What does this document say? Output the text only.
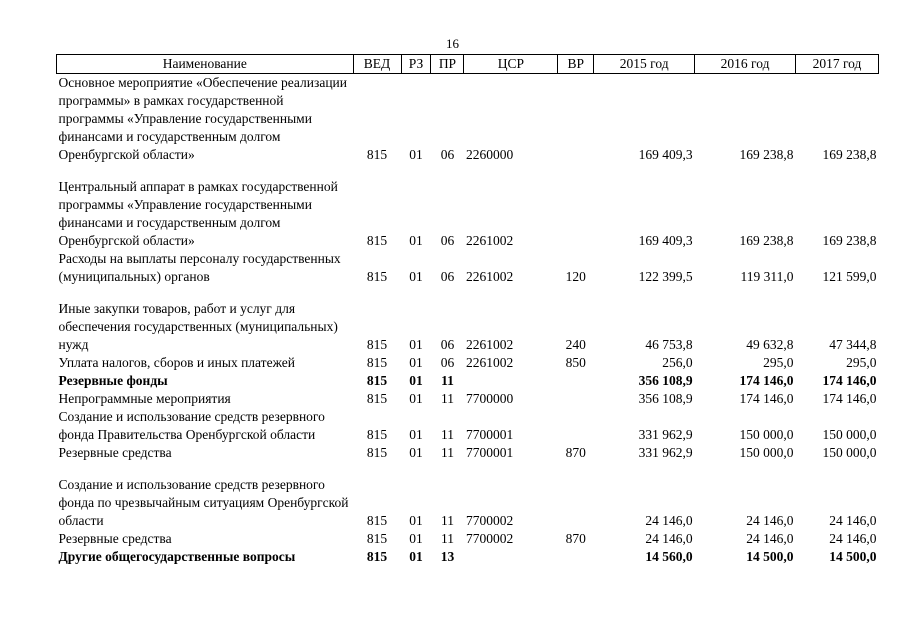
16
Наименование	ВЕД	РЗ	ПР	ЦСР	ВР	2015 год	2016 год	2017 год
Основное мероприятие «Обеспечение реализации программы» в рамках государственной программы «Управление государственными финансами и государственным долгом Оренбургской области»	815	01	06	2260000		169 409,3	169 238,8	169 238,8
Центральный аппарат в рамках государственной программы «Управление государственными финансами и государственным долгом Оренбургской области»	815	01	06	2261002		169 409,3	169 238,8	169 238,8
Расходы на выплаты персоналу государственных (муниципальных) органов	815	01	06	2261002	120	122 399,5	119 311,0	121 599,0
Иные закупки товаров, работ и услуг для обеспечения государственных (муниципальных) нужд	815	01	06	2261002	240	46 753,8	49 632,8	47 344,8
Уплата налогов, сборов и иных платежей	815	01	06	2261002	850	256,0	295,0	295,0
Резервные фонды	815	01	11			356 108,9	174 146,0	174 146,0
Непрограммные мероприятия	815	01	11	7700000		356 108,9	174 146,0	174 146,0
Создание и использование средств резервного фонда Правительства Оренбургской области	815	01	11	7700001		331 962,9	150 000,0	150 000,0
Резервные средства	815	01	11	7700001	870	331 962,9	150 000,0	150 000,0
Создание и использование средств резервного фонда по чрезвычайным ситуациям Оренбургской области	815	01	11	7700002		24 146,0	24 146,0	24 146,0
Резервные средства	815	01	11	7700002	870	24 146,0	24 146,0	24 146,0
Другие общегосударственные вопросы	815	01	13			14 560,0	14 500,0	14 500,0
